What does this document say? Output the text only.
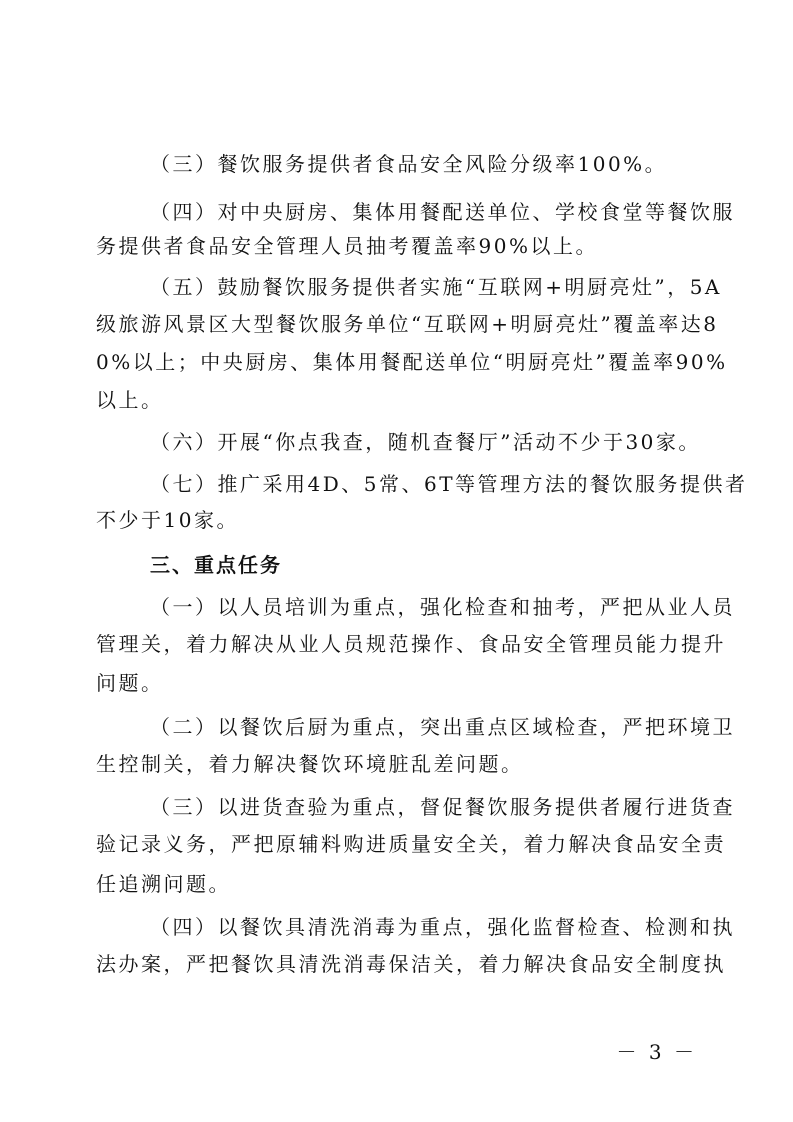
（三）餐饮服务提供者食品安全风险分级率100%。
（四）对中央厨房、集体用餐配送单位、学校食堂等餐饮服
务提供者食品安全管理人员抽考覆盖率90%以上。
（五）鼓励餐饮服务提供者实施“互联网+明厨亮灶”，5A
级旅游风景区大型餐饮服务单位“互联网+明厨亮灶”覆盖率达8
0%以上；中央厨房、集体用餐配送单位“明厨亮灶”覆盖率90%
以上。
（六）开展“你点我查，随机查餐厅”活动不少于30家。
（七）推广采用4D、5常、6T等管理方法的餐饮服务提供者
不少于10家。
三、重点任务
（一）以人员培训为重点，强化检查和抽考，严把从业人员
管理关，着力解决从业人员规范操作、食品安全管理员能力提升
问题。
（二）以餐饮后厨为重点，突出重点区域检查，严把环境卫
生控制关，着力解决餐饮环境脏乱差问题。
（三）以进货查验为重点，督促餐饮服务提供者履行进货查
验记录义务，严把原辅料购进质量安全关，着力解决食品安全责
任追溯问题。
（四）以餐饮具清洗消毒为重点，强化监督检查、检测和执
法办案，严把餐饮具清洗消毒保洁关，着力解决食品安全制度执
－ 3 －
